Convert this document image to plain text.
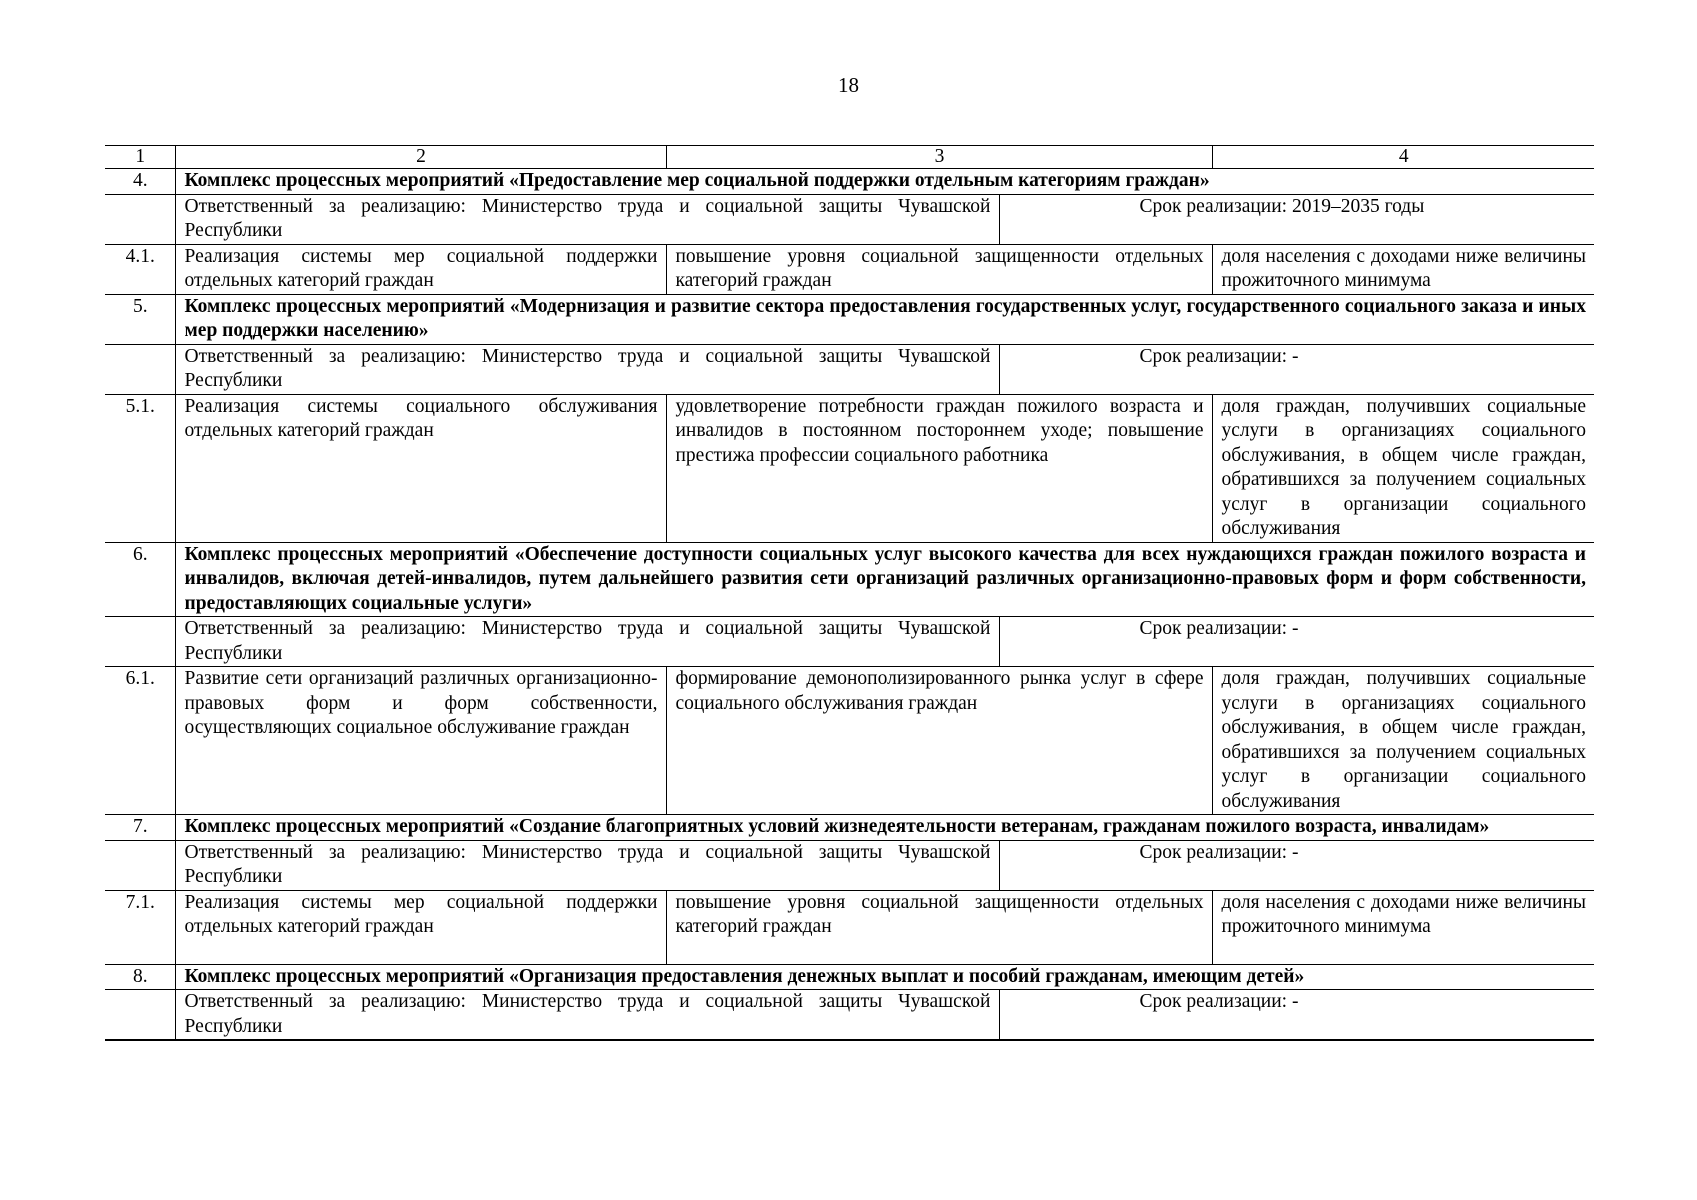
18
1	2	3		4
4.	Комплекс процессных мероприятий «Предоставление мер социальной поддержки отдельным категориям граждан»			
	Ответственный за реализацию: Министерство труда и социальной защиты Чувашской Республики		Срок реализации: 2019–2035 годы	
4.1.	Реализация системы мер социальной поддержки отдельных категорий граждан	повышение уровня социальной защищенности отдельных категорий граждан		доля населения с доходами ниже величины прожиточного минимума
5.	Комплекс процессных мероприятий «Модернизация и развитие сектора предоставления государственных услуг, государственного социального заказа и иных мер поддержки населению»			
	Ответственный за реализацию: Министерство труда и социальной защиты Чувашской Республики		Срок реализации: -	
5.1.	Реализация системы социального обслуживания отдельных категорий граждан	удовлетворение потребности граждан пожилого возраста и инвалидов в постоянном постороннем уходе; повышение престижа профессии социального работника		доля граждан, получивших социальные услуги в организациях социального обслуживания, в общем числе граждан, обратившихся за получением социальных услуг в организации социального обслуживания
6.	Комплекс процессных мероприятий «Обеспечение доступности социальных услуг высокого качества для всех нуждающихся граждан пожилого возраста и инвалидов, включая детей-инвалидов, путем дальнейшего развития сети организаций различных организационно-правовых форм и форм собственности, предоставляющих социальные услуги»			
	Ответственный за реализацию: Министерство труда и социальной защиты Чувашской Республики		Срок реализации: -	
6.1.	Развитие сети организаций различных организационно-правовых форм и форм собственности, осуществляющих социальное обслуживание граждан	формирование демонополизированного рынка услуг в сфере социального обслуживания граждан		доля граждан, получивших социальные услуги в организациях социального обслуживания, в общем числе граждан, обратившихся за получением социальных услуг в организации социального обслуживания
7.	Комплекс процессных мероприятий «Создание благоприятных условий жизнедеятельности ветеранам, гражданам пожилого возраста, инвалидам»			
	Ответственный за реализацию: Министерство труда и социальной защиты Чувашской Республики		Срок реализации: -	
7.1.	Реализация системы мер социальной поддержки отдельных категорий граждан	повышение уровня социальной защищенности отдельных категорий граждан		доля населения с доходами ниже величины прожиточного минимума
8.	Комплекс процессных мероприятий «Организация предоставления денежных выплат и пособий гражданам, имеющим детей»			
	Ответственный за реализацию: Министерство труда и социальной защиты Чувашской Республики		Срок реализации: -	
